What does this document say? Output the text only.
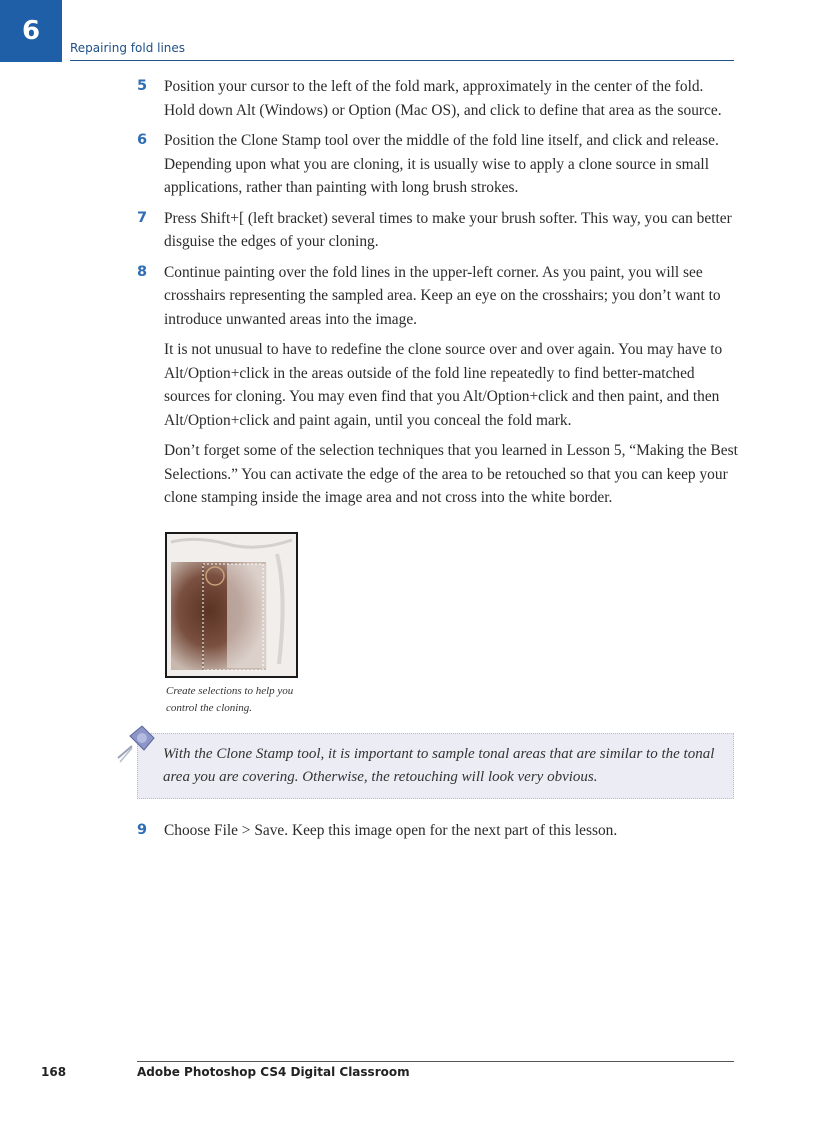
6
Repairing fold lines
5 Position your cursor to the left of the fold mark, approximately in the center of the fold. Hold down Alt (Windows) or Option (Mac OS), and click to define that area as the source.
6 Position the Clone Stamp tool over the middle of the fold line itself, and click and release. Depending upon what you are cloning, it is usually wise to apply a clone source in small applications, rather than painting with long brush strokes.
7 Press Shift+[ (left bracket) several times to make your brush softer. This way, you can better disguise the edges of your cloning.
8 Continue painting over the fold lines in the upper-left corner. As you paint, you will see crosshairs representing the sampled area. Keep an eye on the crosshairs; you don’t want to introduce unwanted areas into the image.

It is not unusual to have to redefine the clone source over and over again. You may have to Alt/Option+click in the areas outside of the fold line repeatedly to find better-matched sources for cloning. You may even find that you Alt/Option+click and then paint, and then Alt/Option+click and paint again, until you conceal the fold mark.

Don’t forget some of the selection techniques that you learned in Lesson 5, “Making the Best Selections.” You can activate the edge of the area to be retouched so that you can keep your clone stamping inside the image area and not cross into the white border.

Create selections to help you control the cloning.
With the Clone Stamp tool, it is important to sample tonal areas that are similar to the tonal area you are covering. Otherwise, the retouching will look very obvious.
9 Choose File > Save. Keep this image open for the next part of this lesson.
168	Adobe Photoshop CS4 Digital Classroom
